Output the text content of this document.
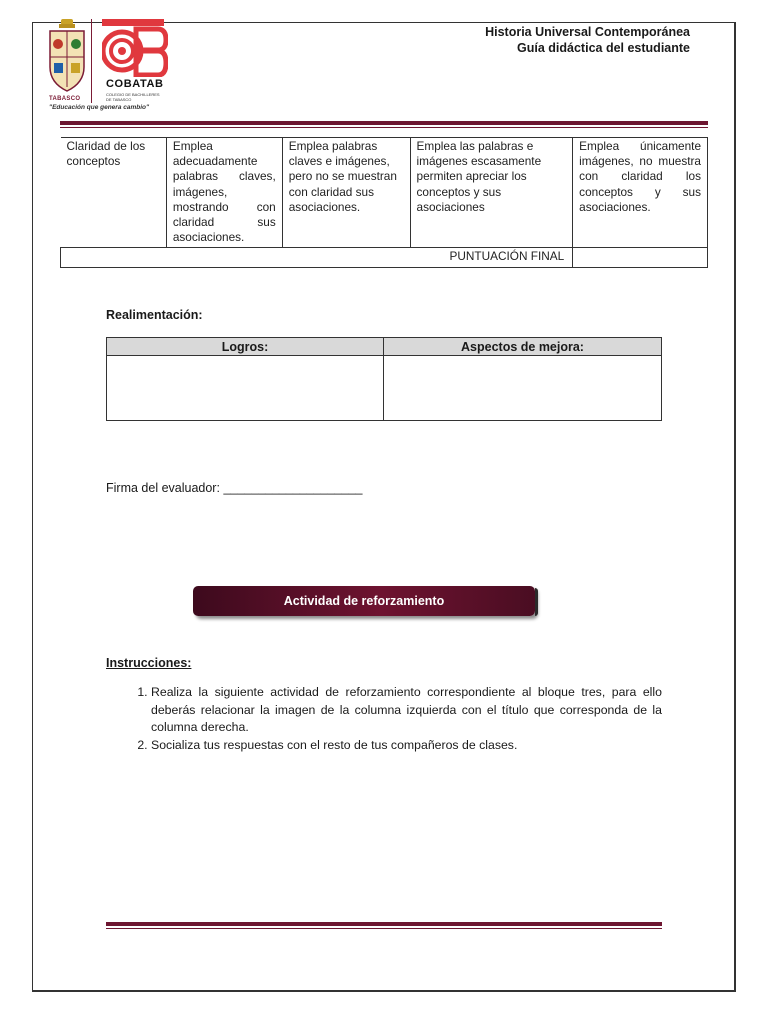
TABASCO
COBATAB
COLEGIO DE BACHILLERES DE TABASCO
"Educación que genera cambio"
Historia Universal Contemporánea
Guía didáctica del estudiante
Claridad de los conceptos	Emplea adecuadamente palabras claves, imágenes, mostrando con claridad sus asociaciones.	Emplea palabras claves e imágenes, pero no se muestran con claridad sus asociaciones.	Emplea las palabras e imágenes escasamente permiten apreciar los conceptos y sus asociaciones	Emplea únicamente imágenes, no muestra con claridad los conceptos y sus asociaciones.
PUNTUACIÓN FINAL				
Realimentación:
Logros:	Aspectos de mejora:

Firma del evaluador: ____________________
Actividad de reforzamiento
Instrucciones:
1. Realiza la siguiente actividad de reforzamiento correspondiente al bloque tres, para ello deberás relacionar la imagen de la columna izquierda con el título que corresponda de la columna derecha.
2. Socializa tus respuestas con el resto de tus compañeros de clases.
